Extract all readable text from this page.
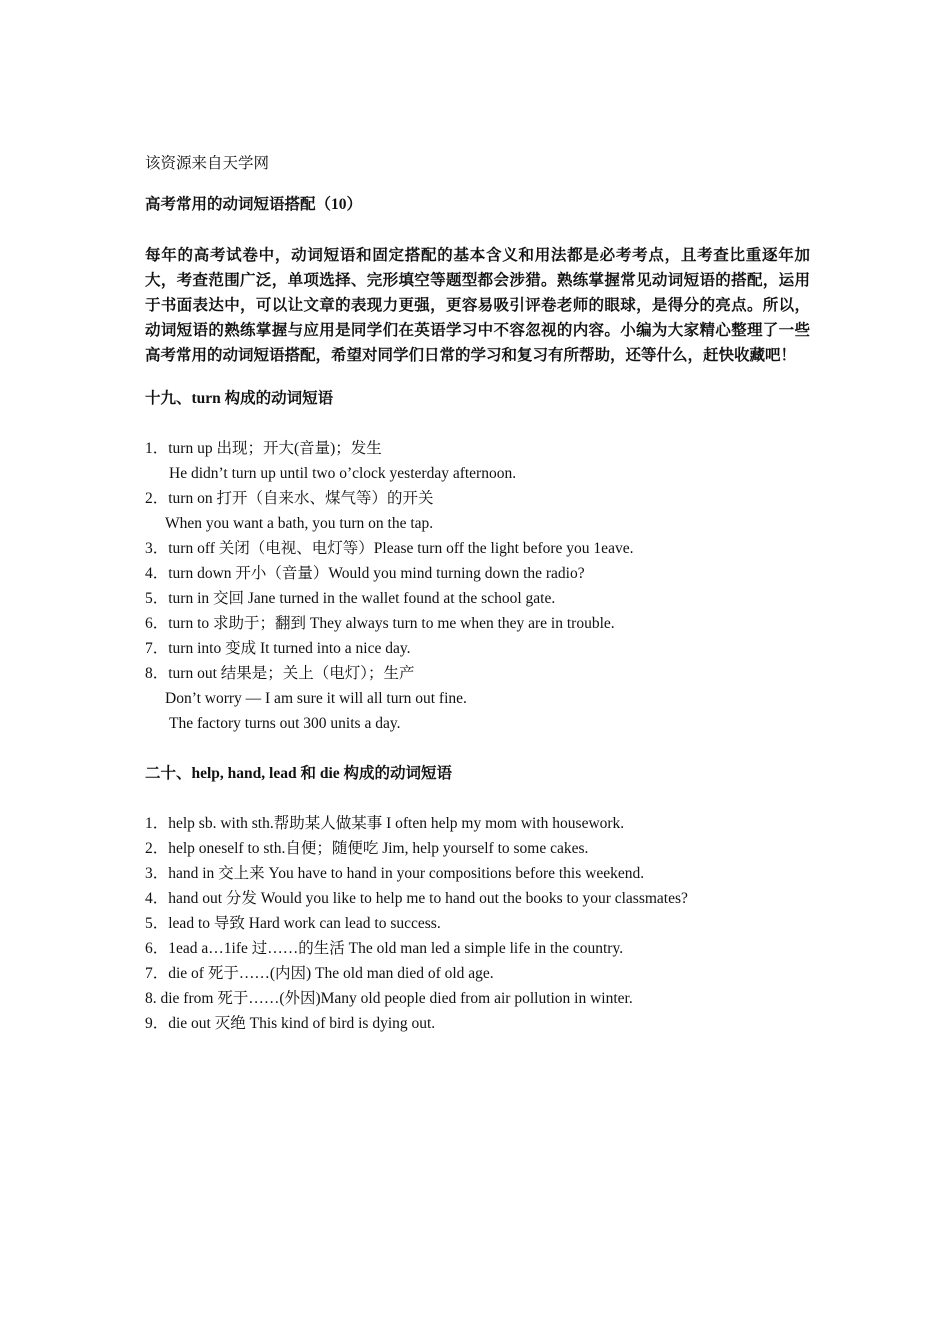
该资源来自天学网
高考常用的动词短语搭配（10）

每年的高考试卷中，动词短语和固定搭配的基本含义和用法都是必考考点，且考查比重逐年加大，考查范围广泛，单项选择、完形填空等题型都会涉猎。熟练掌握常见动词短语的搭配，运用于书面表达中，可以让文章的表现力更强，更容易吸引评卷老师的眼球，是得分的亮点。所以，动词短语的熟练掌握与应用是同学们在英语学习中不容忽视的内容。小编为大家精心整理了一些高考常用的动词短语搭配，希望对同学们日常的学习和复习有所帮助，还等什么，赶快收藏吧！

十九、turn 构成的动词短语
1．turn up 出现；开大(音量)；发生
He didn’t turn up until two o’clock yesterday afternoon.
2．turn on 打开（自来水、煤气等）的开关
When you want a bath, you turn on the tap.
3．turn off 关闭（电视、电灯等）Please turn off the light before you 1eave.
4．turn down 开小（音量）Would you mind turning down the radio?
5．turn in 交回 Jane turned in the wallet found at the school gate.
6．turn to 求助于；翻到 They always turn to me when they are in trouble.
7．turn into 变成 It turned into a nice day.
8．turn out 结果是；关上（电灯）；生产
Don’t worry — I am sure it will all turn out fine.
The factory turns out 300 units a day.
二十、help, hand, lead 和 die 构成的动词短语
1．help sb. with sth.帮助某人做某事 I often help my mom with housework.
2．help oneself to sth.自便；随便吃 Jim, help yourself to some cakes.
3．hand in 交上来 You have to hand in your compositions before this weekend.
4．hand out 分发 Would you like to help me to hand out the books to your classmates?
5．lead to 导致 Hard work can lead to success.
6．1ead a…1ife 过……的生活 The old man led a simple life in the country.
7．die of 死于……(内因) The old man died of old age.
8. die from 死于……(外因)Many old people died from air pollution in winter.
9．die out 灭绝 This kind of bird is dying out.
